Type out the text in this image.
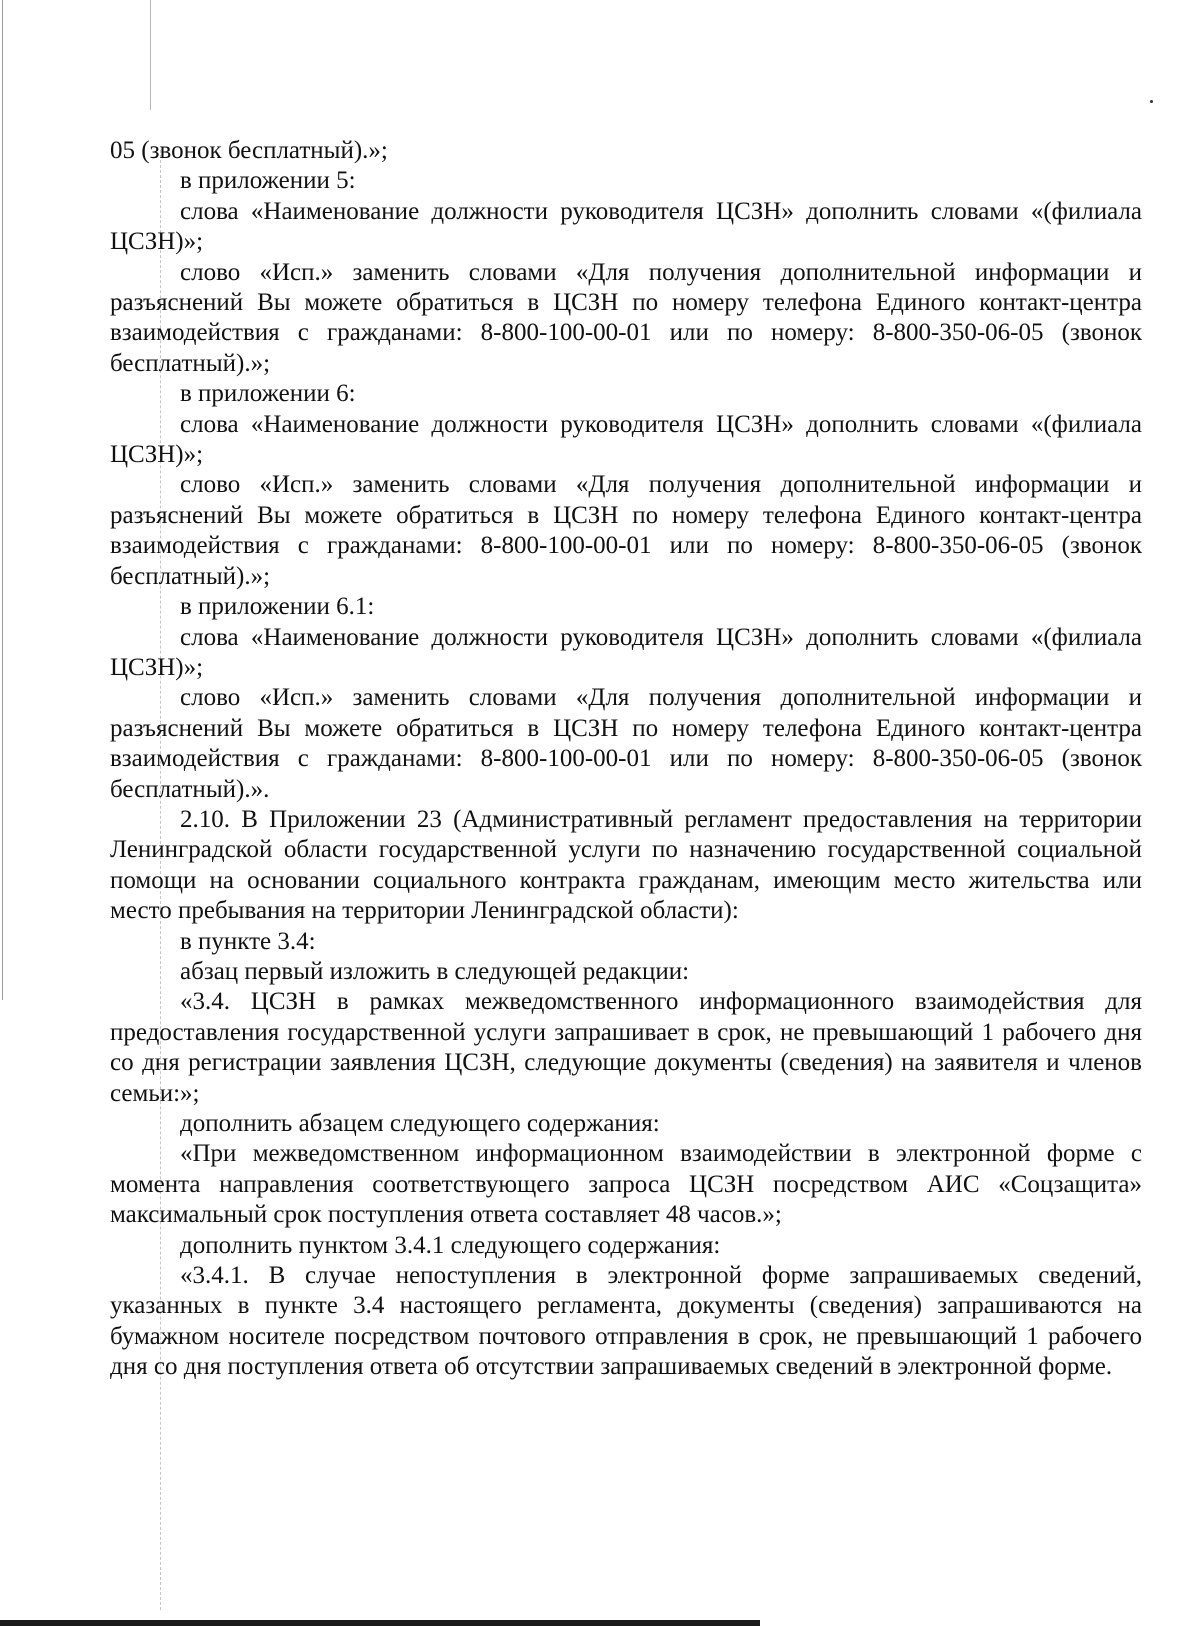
05 (звонок бесплатный).»;

в приложении 5:

слова «Наименование должности руководителя ЦСЗН» дополнить словами «(филиала ЦСЗН)»;

слово «Исп.» заменить словами «Для получения дополнительной информации и разъяснений Вы можете обратиться в ЦСЗН по номеру телефона Единого контакт-центра взаимодействия с гражданами: 8-800-100-00-01 или по номеру: 8-800-350-06-05 (звонок бесплатный).»;

в приложении 6:

слова «Наименование должности руководителя ЦСЗН» дополнить словами «(филиала ЦСЗН)»;

слово «Исп.» заменить словами «Для получения дополнительной информации и разъяснений Вы можете обратиться в ЦСЗН по номеру телефона Единого контакт-центра взаимодействия с гражданами: 8-800-100-00-01 или по номеру: 8-800-350-06-05 (звонок бесплатный).»;

в приложении 6.1:

слова «Наименование должности руководителя ЦСЗН» дополнить словами «(филиала ЦСЗН)»;

слово «Исп.» заменить словами «Для получения дополнительной информации и разъяснений Вы можете обратиться в ЦСЗН по номеру телефона Единого контакт-центра взаимодействия с гражданами: 8-800-100-00-01 или по номеру: 8-800-350-06-05 (звонок бесплатный).».

2.10. В Приложении 23 (Административный регламент предоставления на территории Ленинградской области государственной услуги по назначению государственной социальной помощи на основании социального контракта гражданам, имеющим место жительства или место пребывания на территории Ленинградской области):

в пункте 3.4:

абзац первый изложить в следующей редакции:

«3.4. ЦСЗН в рамках межведомственного информационного взаимодействия для предоставления государственной услуги запрашивает в срок, не превышающий 1 рабочего дня со дня регистрации заявления ЦСЗН, следующие документы (сведения) на заявителя и членов семьи:»;

дополнить абзацем следующего содержания:

«При межведомственном информационном взаимодействии в электронной форме с момента направления соответствующего запроса ЦСЗН посредством АИС «Соцзащита» максимальный срок поступления ответа составляет 48 часов.»;

дополнить пунктом 3.4.1 следующего содержания:

«3.4.1. В случае непоступления в электронной форме запрашиваемых сведений, указанных в пункте 3.4 настоящего регламента, документы (сведения) запрашиваются на бумажном носителе посредством почтового отправления в срок, не превышающий 1 рабочего дня со дня поступления ответа об отсутствии запрашиваемых сведений в электронной форме.
